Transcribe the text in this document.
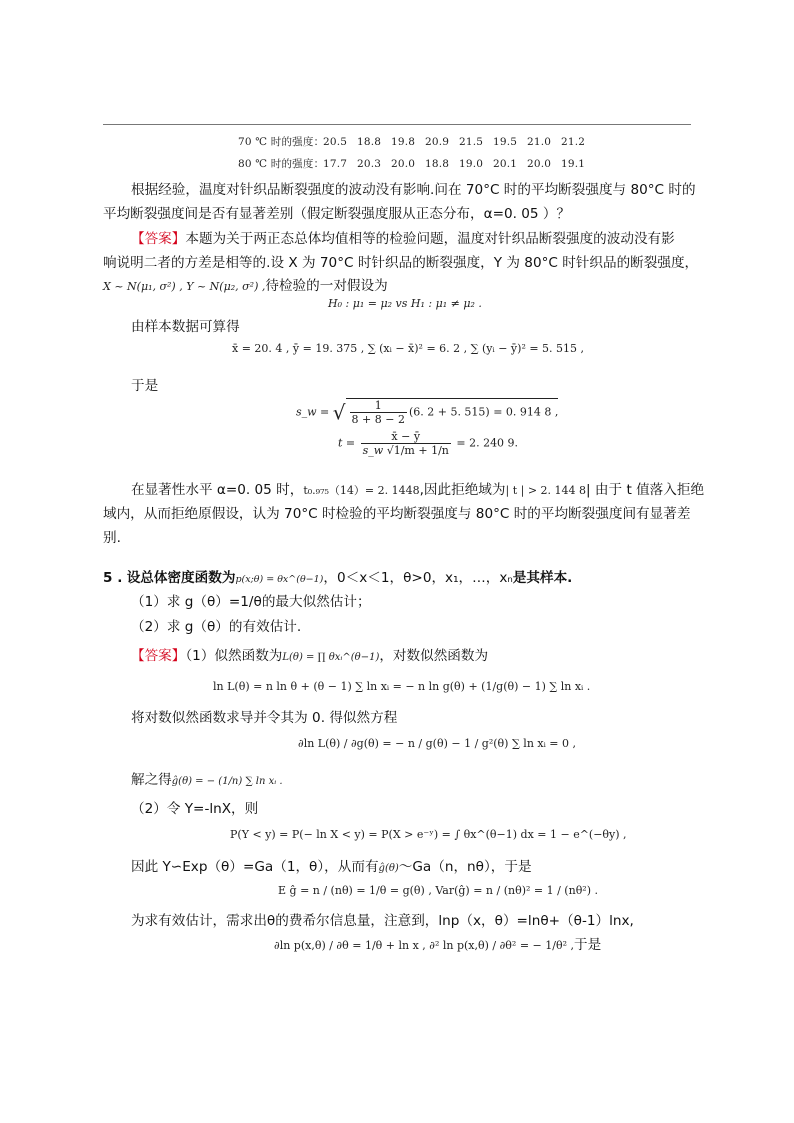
70 ℃ 时的强度：20.5 18.8 19.8 20.9 21.5 19.5 21.0 21.2
80 ℃ 时的强度：17.7 20.3 20.0 18.8 19.0 20.1 20.0 19.1
根据经验，温度对针织品断裂强度的波动没有影响.问在 70°C 时的平均断裂强度与 80°C 时的
平均断裂强度间是否有显著差别（假定断裂强度服从正态分布，α=0. 05 ）？
【答案】本题为关于两正态总体均值相等的检验问题，温度对针织品断裂强度的波动没有影
响说明二者的方差是相等的.设 X 为 70°C 时针织品的断裂强度，Y 为 80°C 时针织品的断裂强度，
X ~ N(μ₁, σ²) , Y ~ N(μ₂, σ²) ,待检验的一对假设为
H₀ : μ₁ = μ₂ vs H₁ : μ₁ ≠ μ₂ .
由样本数据可算得
x̄ = 20. 4 , ȳ = 19. 375 , ∑ (xᵢ − x̄)² = 6. 2 , ∑ (yᵢ − ȳ)² = 5. 515 ,
于是
s_w = √ $\frac{1}{8 + 8 - 2} (6$. 2 + 5. 515) = 0. 914 8 ,
$t = \frac{x̄ - ȳ}{s\_w √1/m + 1/n} = 2$. 240 9.
在显著性水平 α=0. 05 时，t₀.₉₇₅（14）= 2. 1448,因此拒绝域为| t | > 2. 144 8| 由于 t 值落入拒绝
域内，从而拒绝原假设，认为 70°C 时检验的平均断裂强度与 80°C 时的平均断裂强度间有显著差
别.
5 . 设总体密度函数为p(x;θ) = θx^(θ−1)，0＜x＜1，θ>0，x₁，…，xₙ是其样本.
（1）求 g（θ）=1/θ的最大似然估计；
（2）求 g（θ）的有效估计.
【答案】（1）似然函数为L(θ) = ∏ θxᵢ^(θ−1)，对数似然函数为
ln L(θ) = n ln θ + (θ − 1) ∑ ln xᵢ = − n ln g(θ) + (1/g(θ) − 1) ∑ ln xᵢ .
将对数似然函数求导并令其为 0. 得似然方程
∂ln L(θ) / ∂g(θ) = − n / g(θ) − 1 / g²(θ) ∑ ln xᵢ = 0 ,
解之得ĝ(θ) = − (1/n) ∑ ln xᵢ .
（2）令 Y=-lnX，则
P(Y < y) = P(− ln X < y) = P(X > e⁻ʸ) = ∫ θx^(θ−1) dx = 1 − e^(−θy) ,
因此 Y∽Exp（θ）=Ga（1，θ），从而有ĝ(θ)～Ga（n，nθ），于是
E ĝ = n / (nθ) = 1/θ = g(θ) , Var(ĝ) = n / (nθ)² = 1 / (nθ²) .
为求有效估计，需求出θ的费希尔信息量，注意到，lnp（x，θ）=lnθ+（θ-1）lnx,
∂ln p(x,θ) / ∂θ = 1/θ + ln x , ∂² ln p(x,θ) / ∂θ² = − 1/θ² ,于是
